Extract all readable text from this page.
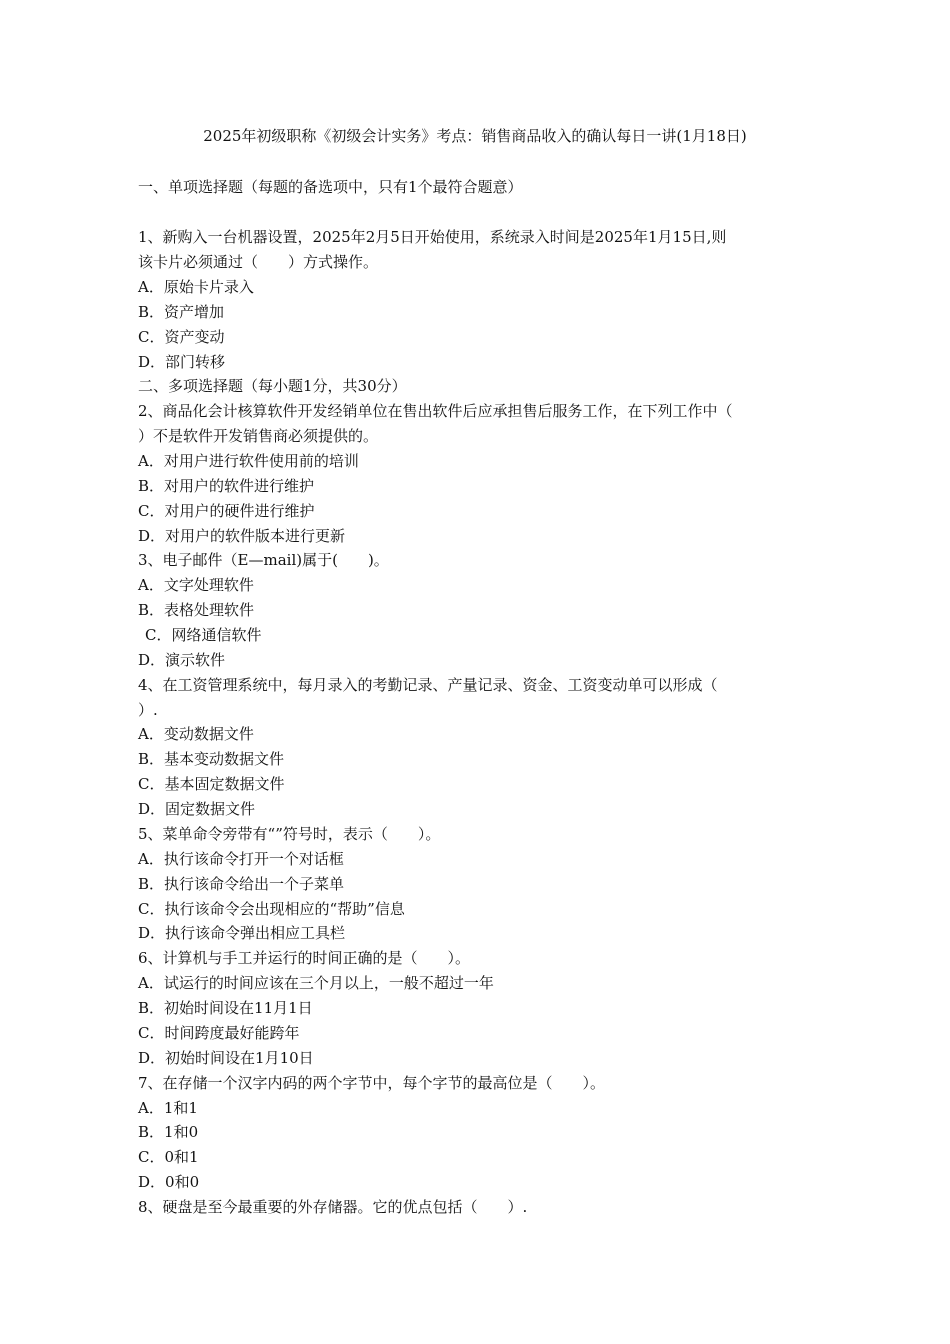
2025年初级职称《初级会计实务》考点：销售商品收入的确认每日一讲(1月18日)
一、单项选择题（每题的备选项中，只有1个最符合题意）
1、新购入一台机器设置，2025年2月5日开始使用，系统录入时间是2025年1月15日,则
该卡片必须通过（　　）方式操作。
A．原始卡片录入
B．资产增加
C．资产变动
D．部门转移
二、多项选择题（每小题1分，共30分）
2、商品化会计核算软件开发经销单位在售出软件后应承担售后服务工作，在下列工作中（
）不是软件开发销售商必须提供的。
A．对用户进行软件使用前的培训
B．对用户的软件进行维护
C．对用户的硬件进行维护
D．对用户的软件版本进行更新
3、电子邮件（E—mail)属于(　　)。
A．文字处理软件
B．表格处理软件
C．网络通信软件
D．演示软件
4、在工资管理系统中，每月录入的考勤记录、产量记录、资金、工资变动单可以形成（
）.
A．变动数据文件
B．基本变动数据文件
C．基本固定数据文件
D．固定数据文件
5、菜单命令旁带有“”符号时，表示（　　）。
A．执行该命令打开一个对话框
B．执行该命令给出一个子菜单
C．执行该命令会出现相应的“帮助”信息
D．执行该命令弹出相应工具栏
6、计算机与手工并运行的时间正确的是（　　）。
A．试运行的时间应该在三个月以上，一般不超过一年
B．初始时间设在11月1日
C．时间跨度最好能跨年
D．初始时间设在1月10日
7、在存储一个汉字内码的两个字节中，每个字节的最高位是（　　）。
A．1和1
B．1和0
C．0和1
D．0和0
8、硬盘是至今最重要的外存储器。它的优点包括（　　）.
